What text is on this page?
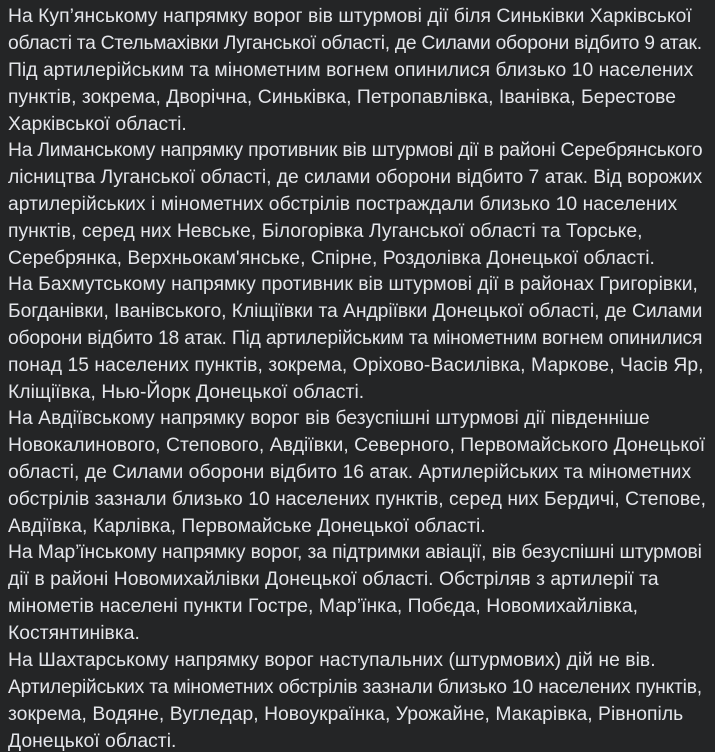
На Куп’янському напрямку ворог вів штурмові дії біля Синьківки Харківської
області та Стельмахівки Луганської області, де Силами оборони відбито 9 атак.
Під артилерійським та мінометним вогнем опинилися близько 10 населених
пунктів, зокрема, Дворічна, Синьківка, Петропавлівка, Іванівка, Берестове
Харківської області.

На Лиманському напрямку противник вів штурмові дії в районі Серебрянського
лісництва Луганської області, де силами оборони відбито 7 атак. Від ворожих
артилерійських і мінометних обстрілів постраждали близько 10 населених
пунктів, серед них Невське, Білогорівка Луганської області та Торське,
Серебрянка, Верхньокам'янське, Спірне, Роздолівка Донецької області.

На Бахмутському напрямку противник вів штурмові дії в районах Григорівки,
Богданівки, Іванівського, Кліщіївки та Андріївки Донецької області, де Силами
оборони відбито 18 атак. Під артилерійським та мінометним вогнем опинилися
понад 15 населених пунктів, зокрема, Оріхово-Василівка, Маркове, Часів Яр,
Кліщіївка, Нью-Йорк Донецької області.

На Авдіївському напрямку ворог вів безуспішні штурмові дії південніше
Новокалинового, Степового, Авдіївки, Северного, Первомайського Донецької
області, де Силами оборони відбито 16 атак. Артилерійських та мінометних
обстрілів зазнали близько 10 населених пунктів, серед них Бердичі, Степове,
Авдіївка, Карлівка, Первомайське Донецької області.

На Мар’їнському напрямку ворог, за підтримки авіації, вів безуспішні штурмові
дії в районі Новомихайлівки Донецької області. Обстріляв з артилерії та
мінометів населені пункти Гостре, Мар’їнка, Побєда, Новомихайлівка,
Костянтинівка.

На Шахтарському напрямку ворог наступальних (штурмових) дій не вів.
Артилерійських та мінометних обстрілів зазнали близько 10 населених пунктів,
зокрема, Водяне, Вугледар, Новоукраїнка, Урожайне, Макарівка, Рівнопіль
Донецької області.
